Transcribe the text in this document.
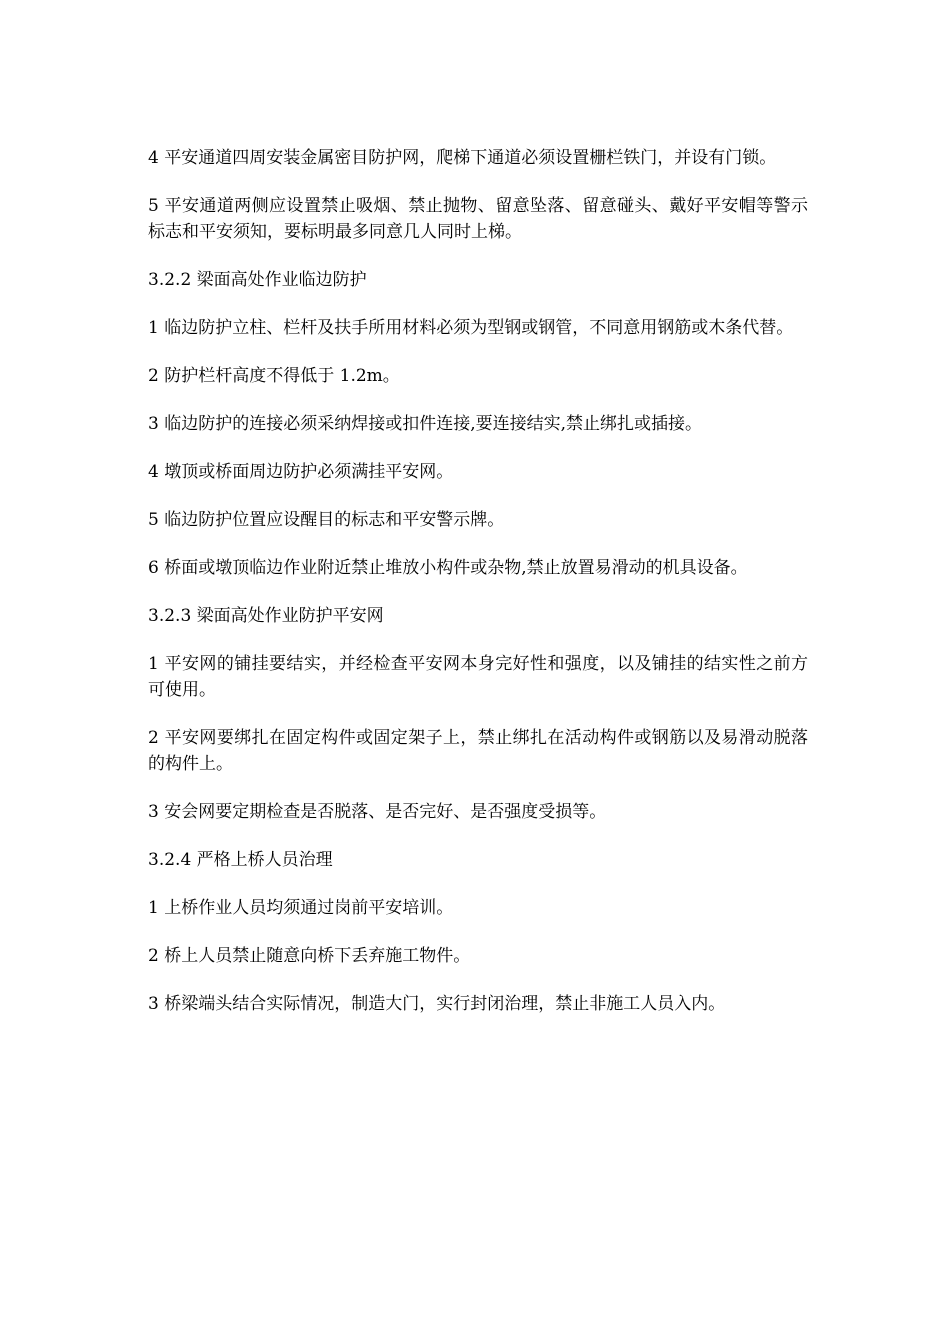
4 平安通道四周安装金属密目防护网，爬梯下通道必须设置栅栏铁门，并设有门锁。

5 平安通道两侧应设置禁止吸烟、禁止抛物、留意坠落、留意碰头、戴好平安帽等警示标志和平安须知，要标明最多同意几人同时上梯。

3.2.2 梁面高处作业临边防护

1 临边防护立柱、栏杆及扶手所用材料必须为型钢或钢管，不同意用钢筋或木条代替。

2 防护栏杆高度不得低于 1.2m。

3 临边防护的连接必须采纳焊接或扣件连接,要连接结实,禁止绑扎或插接。

4 墩顶或桥面周边防护必须满挂平安网。

5 临边防护位置应设醒目的标志和平安警示牌。

6 桥面或墩顶临边作业附近禁止堆放小构件或杂物,禁止放置易滑动的机具设备。

3.2.3 梁面高处作业防护平安网

1 平安网的铺挂要结实，并经检查平安网本身完好性和强度，以及铺挂的结实性之前方可使用。

2 平安网要绑扎在固定构件或固定架子上，禁止绑扎在活动构件或钢筋以及易滑动脱落的构件上。

3 安会网要定期检查是否脱落、是否完好、是否强度受损等。

3.2.4 严格上桥人员治理

1 上桥作业人员均须通过岗前平安培训。

2 桥上人员禁止随意向桥下丢弃施工物件。

3 桥梁端头结合实际情况，制造大门，实行封闭治理，禁止非施工人员入内。
